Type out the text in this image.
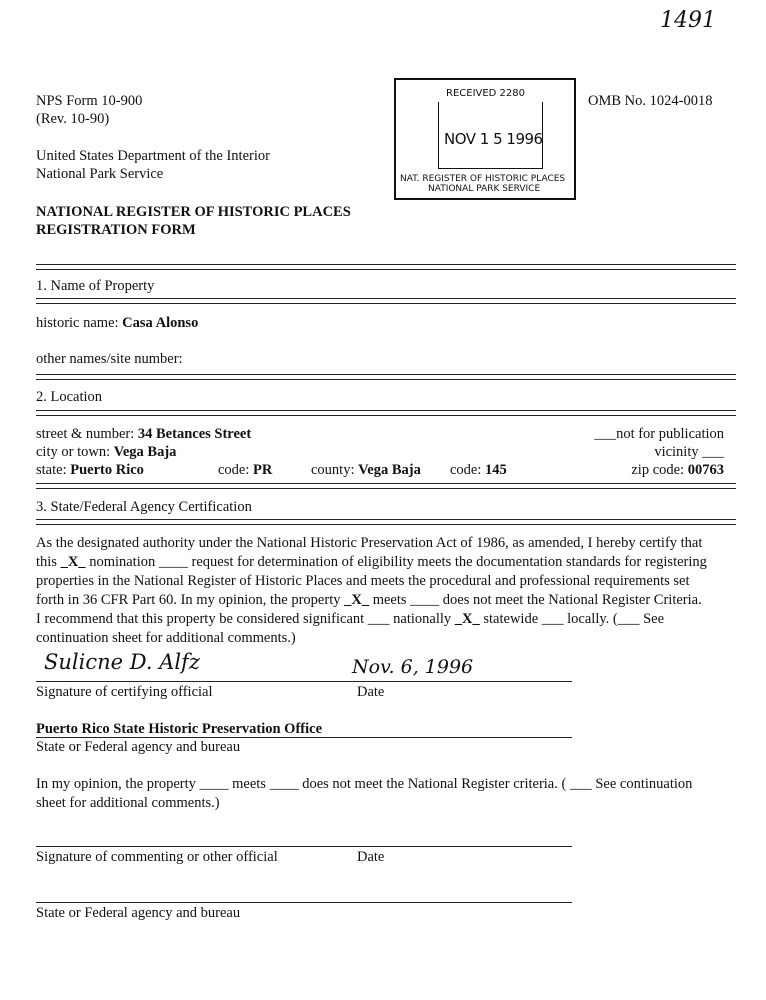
1491
NPS Form 10-900
(Rev. 10-90)
OMB No. 1024-0018
United States Department of the Interior
National Park Service
NATIONAL REGISTER OF HISTORIC PLACES
REGISTRATION FORM
RECEIVED 2280
NOV 1 5 1996
NAT. REGISTER OF HISTORIC PLACES
NATIONAL PARK SERVICE
1. Name of Property
historic name: Casa Alonso
other names/site number:
2. Location
street & number: 34 Betances Street	___not for publication
city or town: Vega Baja	vicinity ___
state: Puerto Rico	code: PR	county: Vega Baja code: 145	zip code: 00763
3. State/Federal Agency Certification
As the designated authority under the National Historic Preservation Act of 1986, as amended, I hereby certify that
this _X_ nomination ____ request for determination of eligibility meets the documentation standards for registering
properties in the National Register of Historic Places and meets the procedural and professional requirements set
forth in 36 CFR Part 60. In my opinion, the property _X_ meets ____ does not meet the National Register Criteria.
I recommend that this property be considered significant ___ nationally _X_ statewide ___ locally. (___ See
continuation sheet for additional comments.)
Sulicne D. Alfz	Nov. 6, 1996
Signature of certifying official	Date
Puerto Rico State Historic Preservation Office
State or Federal agency and bureau
In my opinion, the property ____ meets ____ does not meet the National Register criteria. ( ___ See continuation
sheet for additional comments.)
Signature of commenting or other official	Date
State or Federal agency and bureau
